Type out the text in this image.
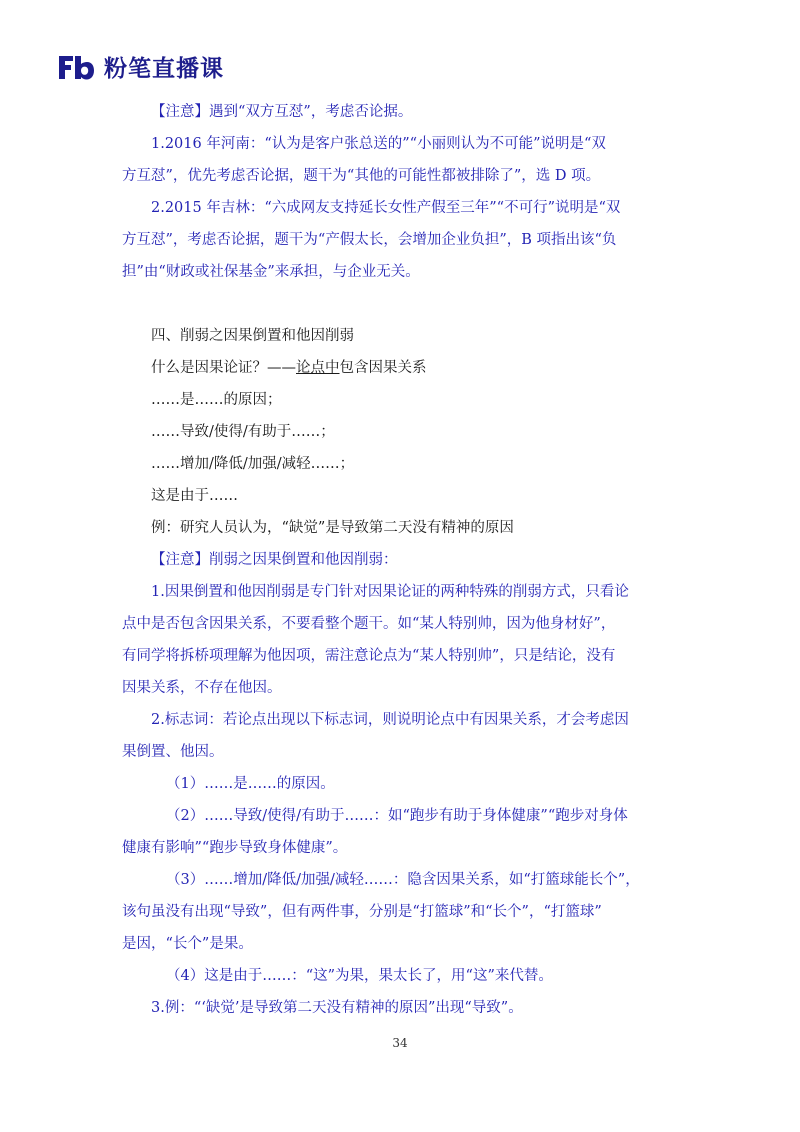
粉笔直播课
【注意】遇到“双方互怼”，考虑否论据。
1.2016 年河南：“认为是客户张总送的”“小丽则认为不可能”说明是“双
方互怼”，优先考虑否论据，题干为“其他的可能性都被排除了”，选 D 项。
2.2015 年吉林：“六成网友支持延长女性产假至三年”“不可行”说明是“双
方互怼”，考虑否论据，题干为“产假太长，会增加企业负担”，B 项指出该“负
担”由“财政或社保基金”来承担，与企业无关。
四、削弱之因果倒置和他因削弱
什么是因果论证？——论点中包含因果关系
……是……的原因；
……导致/使得/有助于……；
……增加/降低/加强/减轻……；
这是由于……
例：研究人员认为，“缺觉”是导致第二天没有精神的原因
【注意】削弱之因果倒置和他因削弱：
1.因果倒置和他因削弱是专门针对因果论证的两种特殊的削弱方式，只看论
点中是否包含因果关系，不要看整个题干。如“某人特别帅，因为他身材好”，
有同学将拆桥项理解为他因项，需注意论点为“某人特别帅”，只是结论，没有
因果关系，不存在他因。
2.标志词：若论点出现以下标志词，则说明论点中有因果关系，才会考虑因
果倒置、他因。
（1）……是……的原因。
（2）……导致/使得/有助于……：如“跑步有助于身体健康”“跑步对身体
健康有影响”“跑步导致身体健康”。
（3）……增加/降低/加强/减轻……：隐含因果关系，如“打篮球能长个”，
该句虽没有出现“导致”，但有两件事，分别是“打篮球”和“长个”，“打篮球”
是因，“长个”是果。
（4）这是由于……：“这”为果，果太长了，用“这”来代替。
3.例：“‘缺觉’是导致第二天没有精神的原因”出现“导致”。
34
